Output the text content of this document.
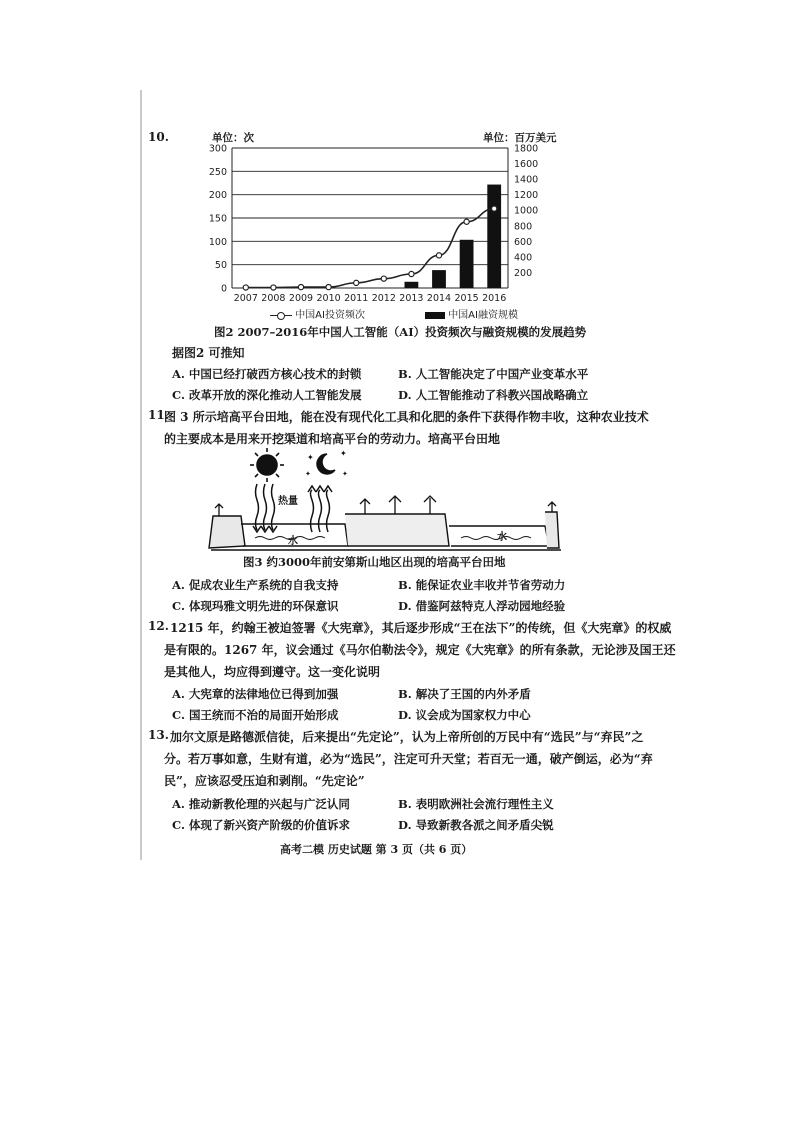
10.	单位：次	单位：百万美元
0
50
100
150
200
250
300
200
400
600
800
1000
1200
1400
1600
1800
2007 2008 2009 2010 2011 2012 2013 2014 2015 2016
中国AI投资频次	中国AI融资规模
图2 2007–2016年中国人工智能（AI）投资频次与融资规模的发展趋势
据图2 可推知
A. 中国已经打破西方核心技术的封锁	B. 人工智能决定了中国产业变革水平
C. 改革开放的深化推动人工智能发展	D. 人工智能推动了科教兴国战略确立
11.
图 3 所示培高平台田地，能在没有现代化工具和化肥的条件下获得作物丰收，这种农业技术
的主要成本是用来开挖渠道和培高平台的劳动力。培高平台田地
✦	✦
✦	✦
热量
水	水
图3 约3000年前安第斯山地区出现的培高平台田地
A. 促成农业生产系统的自我支持	B. 能保证农业丰收并节省劳动力
C. 体现玛雅文明先进的环保意识	D. 借鉴阿兹特克人浮动园地经验
12. 1215 年，约翰王被迫签署《大宪章》，其后逐步形成“王在法下”的传统，但《大宪章》的权威
是有限的。1267 年，议会通过《马尔伯勒法令》，规定《大宪章》的所有条款，无论涉及国王还
是其他人，均应得到遵守。这一变化说明
A. 大宪章的法律地位已得到加强	B. 解决了王国的内外矛盾
C. 国王统而不治的局面开始形成	D. 议会成为国家权力中心
13. 加尔文原是路德派信徒，后来提出“先定论”，认为上帝所创的万民中有“选民”与“弃民”之
分。若万事如意，生财有道，必为“选民”，注定可升天堂；若百无一通，破产倒运，必为“弃
民”，应该忍受压迫和剥削。“先定论”
A. 推动新教伦理的兴起与广泛认同	B. 表明欧洲社会流行理性主义
C. 体现了新兴资产阶级的价值诉求	D. 导致新教各派之间矛盾尖锐
高考二模 历史试题 第 3 页（共 6 页）
